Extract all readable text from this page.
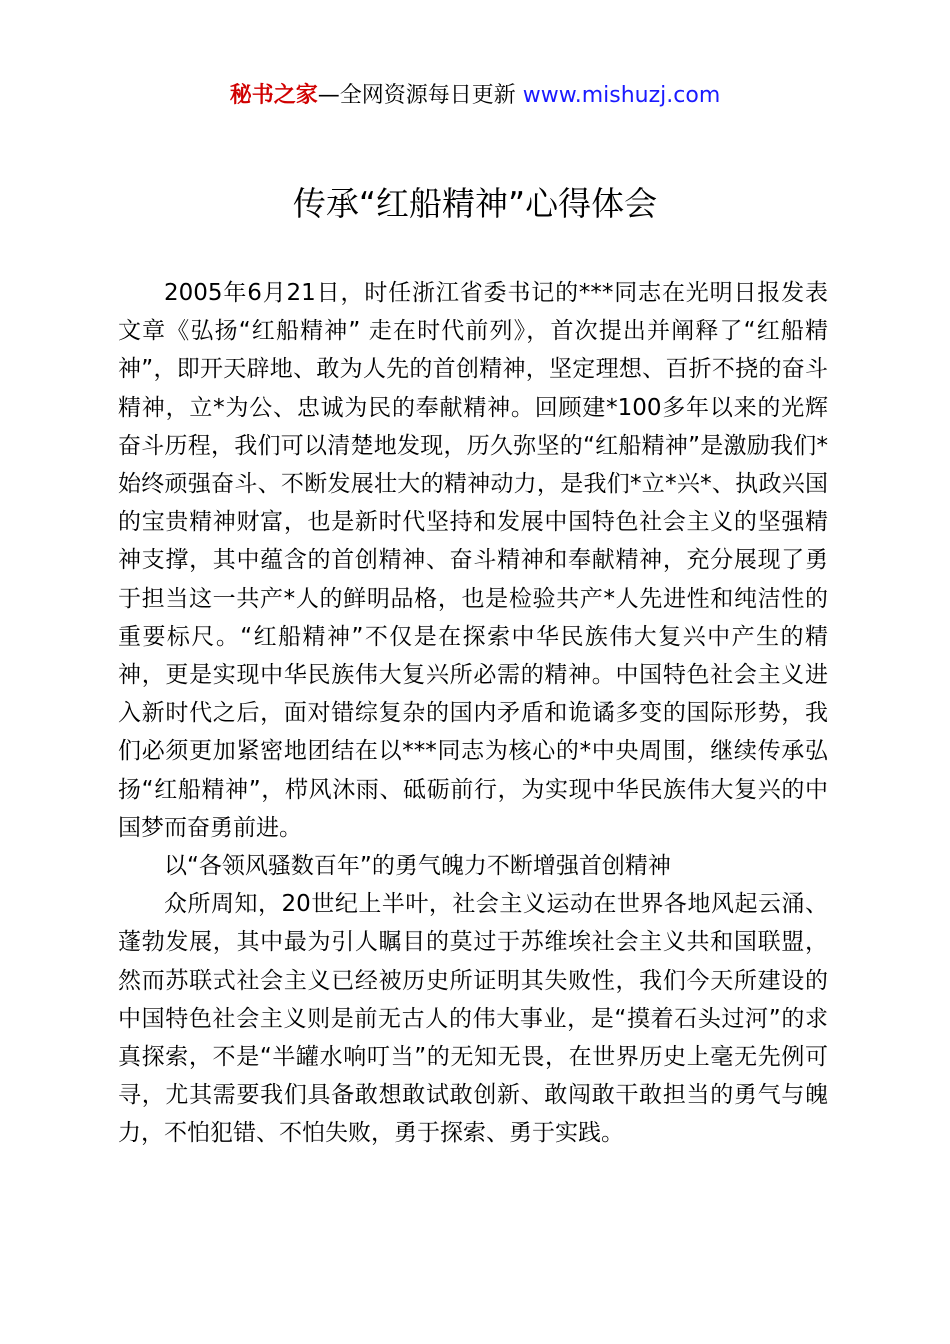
秘书之家—全网资源每日更新 www.mishuzj.com
传承“红船精神”心得体会

2005年6月21日，时任浙江省委书记的***同志在光明日报发表文章《弘扬“红船精神” 走在时代前列》，首次提出并阐释了“红船精神”，即开天辟地、敢为人先的首创精神，坚定理想、百折不挠的奋斗精神，立*为公、忠诚为民的奉献精神。回顾建*100多年以来的光辉奋斗历程，我们可以清楚地发现，历久弥坚的“红船精神”是激励我们*始终顽强奋斗、不断发展壮大的精神动力，是我们*立*兴*、执政兴国的宝贵精神财富，也是新时代坚持和发展中国特色社会主义的坚强精神支撑，其中蕴含的首创精神、奋斗精神和奉献精神，充分展现了勇于担当这一共产*人的鲜明品格，也是检验共产*人先进性和纯洁性的重要标尺。“红船精神”不仅是在探索中华民族伟大复兴中产生的精神，更是实现中华民族伟大复兴所必需的精神。中国特色社会主义进入新时代之后，面对错综复杂的国内矛盾和诡谲多变的国际形势，我们必须更加紧密地团结在以***同志为核心的*中央周围，继续传承弘扬“红船精神”，栉风沐雨、砥砺前行，为实现中华民族伟大复兴的中国梦而奋勇前进。

以“各领风骚数百年”的勇气魄力不断增强首创精神

众所周知，20世纪上半叶，社会主义运动在世界各地风起云涌、蓬勃发展，其中最为引人瞩目的莫过于苏维埃社会主义共和国联盟，然而苏联式社会主义已经被历史所证明其失败性，我们今天所建设的中国特色社会主义则是前无古人的伟大事业，是“摸着石头过河”的求真探索，不是“半罐水响叮当”的无知无畏，在世界历史上毫无先例可寻，尤其需要我们具备敢想敢试敢创新、敢闯敢干敢担当的勇气与魄力，不怕犯错、不怕失败，勇于探索、勇于实践。
